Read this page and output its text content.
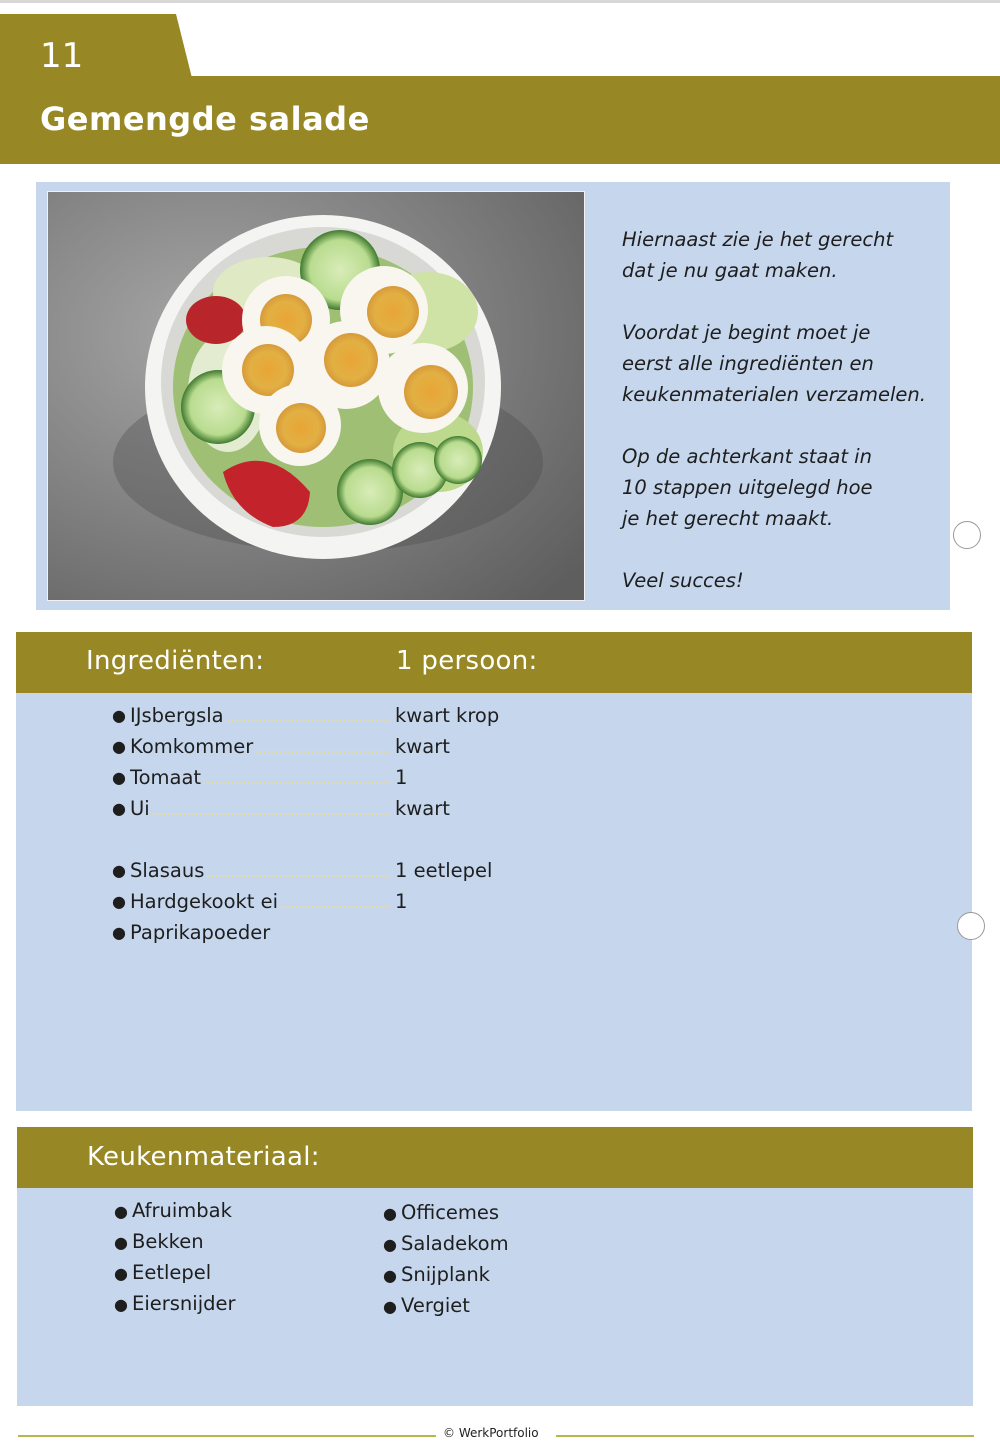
11
Gemengde salade

Hiernaast zie je het gerecht
dat je nu gaat maken.

Voordat je begint moet je
eerst alle ingrediënten en
keukenmaterialen verzamelen.

Op de achterkant staat in
10 stappen uitgelegd hoe
je het gerecht maakt.

Veel succes!

Ingrediënten:	1 persoon:
● IJsbergsla	kwart krop
● Komkommer	kwart
● Tomaat	1
● Ui	kwart
● Slasaus	1 eetlepel
● Hardgekookt ei	1
● Paprikapoeder
Keukenmateriaal:
● Afruimbak
● Bekken
● Eetlepel
● Eiersnijder
● Officemes
● Saladekom
● Snijplank
● Vergiet
© WerkPortfolio
